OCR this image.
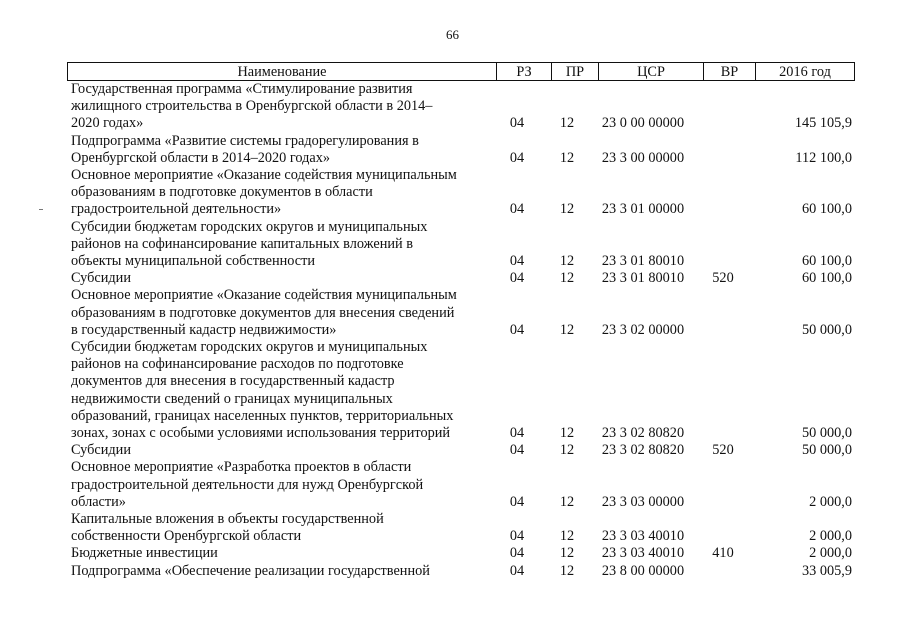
66
Наименование	РЗ	ПР	ЦСР	ВР	2016 год
Государственная программа «Стимулирование развития
жилищного строительства в Оренбургской области в 2014–
2020 годах»	04	12	23 0 00 00000	145 105,9
Подпрограмма «Развитие системы градорегулирования в
Оренбургской области в 2014–2020 годах»	04	12	23 3 00 00000	112 100,0
Основное мероприятие «Оказание содействия муниципальным
образованиям в подготовке документов в области
градостроительной деятельности»	04	12	23 3 01 00000	60 100,0
Субсидии бюджетам городских округов и муниципальных
районов на софинансирование капитальных вложений в
объекты муниципальной собственности	04	12	23 3 01 80010	60 100,0
Субсидии	04	12	23 3 01 80010	520	60 100,0
Основное мероприятие «Оказание содействия муниципальным
образованиям в подготовке документов для внесения сведений
в государственный кадастр недвижимости»	04	12	23 3 02 00000	50 000,0
Субсидии бюджетам городских округов и муниципальных
районов на софинансирование расходов по подготовке
документов для внесения в государственный кадастр
недвижимости сведений о границах муниципальных
образований, границах населенных пунктов, территориальных
зонах, зонах с особыми условиями использования территорий	04	12	23 3 02 80820	50 000,0
Субсидии	04	12	23 3 02 80820	520	50 000,0
Основное мероприятие «Разработка проектов в области
градостроительной деятельности для нужд Оренбургской
области»	04	12	23 3 03 00000	2 000,0
Капитальные вложения в объекты государственной
собственности Оренбургской области	04	12	23 3 03 40010	2 000,0
Бюджетные инвестиции	04	12	23 3 03 40010	410	2 000,0
Подпрограмма «Обеспечение реализации государственной	04	12	23 8 00 00000	33 005,9
